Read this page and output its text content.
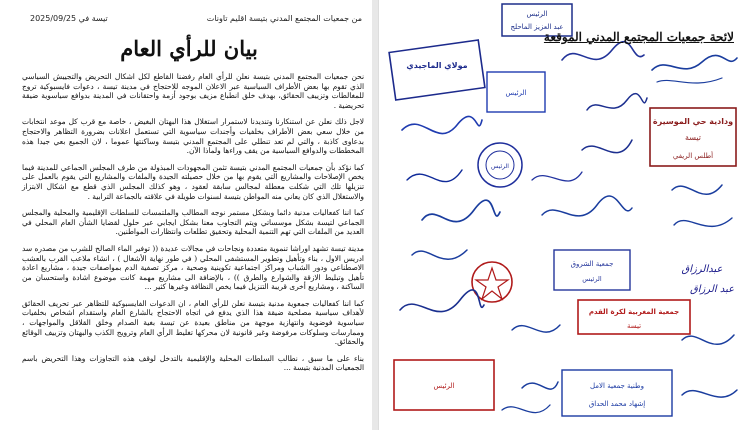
تيسة في 2025/09/25	من جمعيات المجتمع المدني بتيسة اقليم تاونات
بيان للرأي العام

نحن جمعيات المجتمع المدني بتيسة نعلن للرأي العام رفضنا القاطع لكل اشكال التحريض والتجييش السياسي الذي تقوم بها بعض الأطراف السياسية عبر الاعلان الموجه للاحتجاج في مدينة تيسة ، دعوات فايسبوكية تروج للمغالطات وتزييف الحقائق، بهدف خلق انطباع مزيف بوجود أزمة واحتقانات في المدينة بدوافع سياسوية ضيقة تحريضية .

لاجل ذلك نعلن عن استنكارنا وتنديدنا لاستمرار استغلال هذا البهتان البغيض ، خاصة مع قرب كل موعد انتخابات من خلال سعي بعض الأطراف بخلفيات وأجندات سياسوية التي تستعمل اعلانات بضرورة التظاهر والاحتجاج بدعاوى كاذبة ، والتي لم تعد تنطلي على المجتمع المدني بتيسة وساكنتها عموما ، لان الجميع بعي جيدا هذه المخططات والدوافع السياسية من يقف وراءها ولماذا الآن.

كما نؤكد بأن جمعيات المجتمع المدني بتيسة تثمن المجهودات المبذولة من طرف المجلس الجماعي للمدينة فيما يخص الإصلاحات والمشاريع التي يقوم بها من خلال حصيلته الجيدة والملفات والمشاريع التي يقوم بالعمل على تنزيلها تلك التي شكلت معطلة لمجالس سابقة لعقود ، وهو كذلك المجلس الذي قطع مع اشكال الابتزاز والاستغلال الذي كان يعاني منه المواطن بتيسة لسنوات طويلة في علاقته بالجماعة الترابية .

كما اننا كفعاليات مدنية دائما وبشكل مستمر نوجه المطالب والملتمسات للسلطات الإقليمية والمحلية والمجلس الجماعي لتيسة بشكل موسساتي ويتم التجاوب معنا بشكل ايجابي عبر حلول لقضايا الشأن العام المحلي في العديد من الملفات التي تهم التنمية المحلية وتحقيق تطلعات وانتظارات المواطنين.

مدينة تيسة تشهد اوراشا تنموية متعددة ونجاحات في مجالات عديدة (( توفير الماء الصالح للشرب من مصدره سد ادريس الاول ، بناء وتأهيل وتطوير المستشفى المحلي ( في طور نهاية الأشغال ) ، انشاء ملاعب القرب بالعشب الاصطناعي ودور الشباب ومراكز اجتماعية تكوينية وصحية ، مركز تصفية الدم بمواصفات جيدة ، مشاريع اعادة تأهيل وتبليط الازقة والشوارع والطرق )) ، بالإضافة الى مشاريع مهمة كانت موضوع اشادة واستحسان من الساكنة ، ومشاريع أخرى قريبة التنزيل فيما يخص النظافة وغيرها كثير ...

كما اننا كفعاليات جمعوية مدنية بتيسة نعلن للرأي العام ، ان الدعوات الفايسبوكية للتظاهر عبر تحريف الحقائق لأهداف سياسية مصلحية ضيقة هذا الذي يدفع في اتجاه الاحتجاج بالشارع العام واستقدام اشخاص بخلفيات سياسوية فوضوية وانتهازية موجهة من مناطق بعيدة عن تيسة بغية الصدام وخلق القلاقل والمواجهات ، وممارسات وسلوكات مرفوضة وغير قانونية لان محركها تغليط الرأي العام وترويج الكذب والبهتان وتزييف الوقائع والحقائق.

بناء على ما سبق ، نطالب السلطات المحلية والإقليمية بالتدخل لوقف هذه التجاوزات وهذا التحريض باسم الجمعيات المدنية بتيسة ...

الرئيس
عبد العزيز الماحلج
مولاي الماجيدي
الرئيس
ودادية حي الموسيرة
تيسة
أطلس الريفي
الرئيس
جمعية المغربية لكرة القدم
تيسة
جمعية الشروق
الرئيس
وطنية جمعية الامل
إشهاد محمد الحداق
الرئيس
عبدالرزاق
عبد الرزاق
لائحة جمعيات المجتمع المدني الموقعة
